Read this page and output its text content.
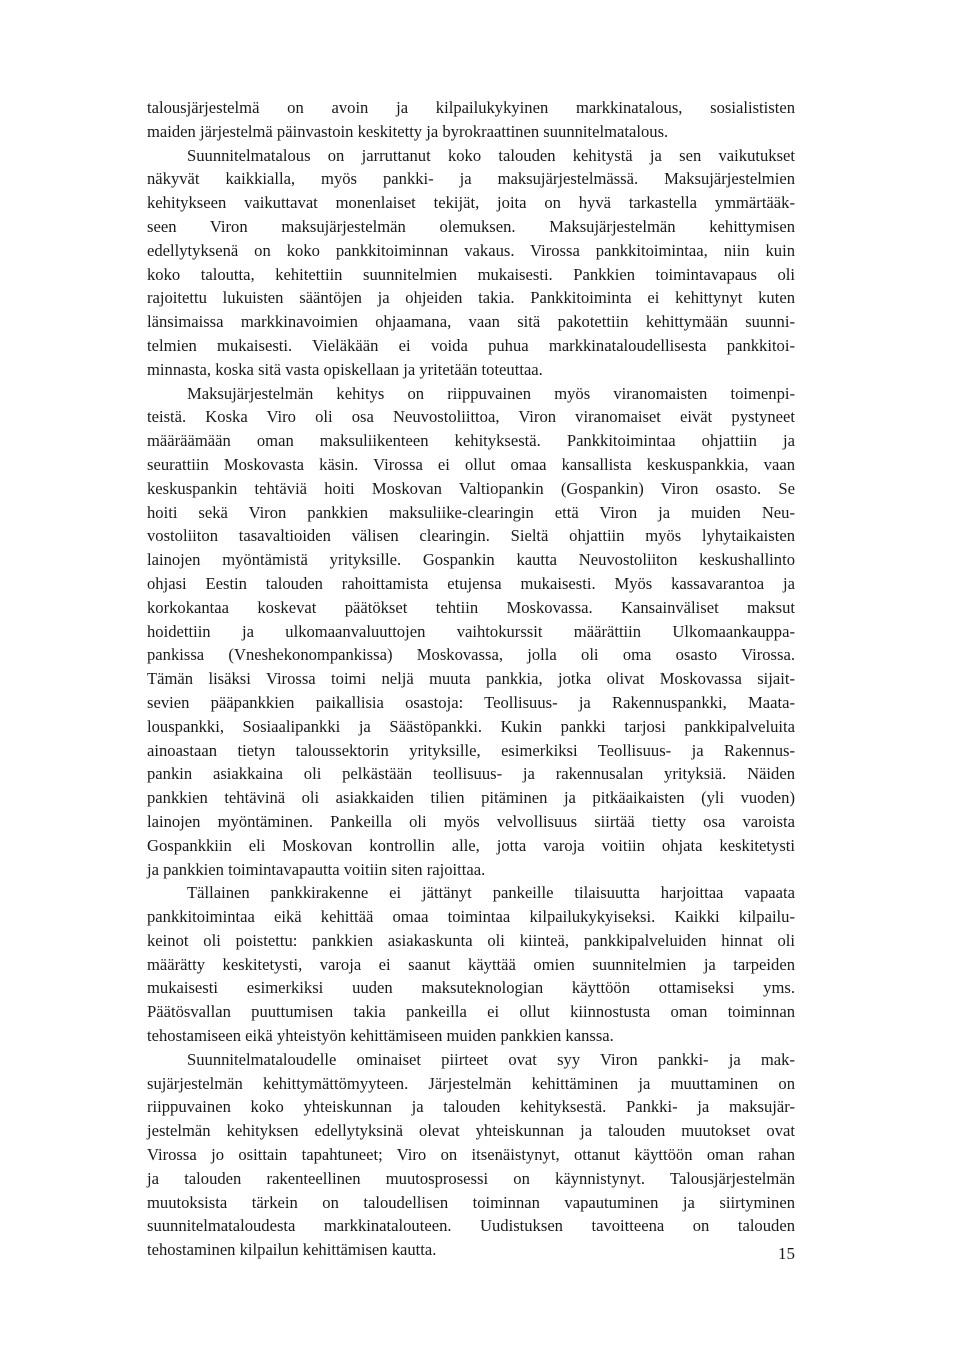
talousjärjestelmä on avoin ja kilpailukykyinen markkinatalous, sosialististen
maiden järjestelmä päinvastoin keskitetty ja byrokraattinen suunnitelmatalous.
Suunnitelmatalous on jarruttanut koko talouden kehitystä ja sen vaikutukset
näkyvät kaikkialla, myös pankki- ja maksujärjestelmässä. Maksujärjestelmien
kehitykseen vaikuttavat monenlaiset tekijät, joita on hyvä tarkastella ymmärtääk-
seen Viron maksujärjestelmän olemuksen. Maksujärjestelmän kehittymisen
edellytyksenä on koko pankkitoiminnan vakaus. Virossa pankkitoimintaa, niin kuin
koko taloutta, kehitettiin suunnitelmien mukaisesti. Pankkien toimintavapaus oli
rajoitettu lukuisten sääntöjen ja ohjeiden takia. Pankkitoiminta ei kehittynyt kuten
länsimaissa markkinavoimien ohjaamana, vaan sitä pakotettiin kehittymään suunni-
telmien mukaisesti. Vieläkään ei voida puhua markkinataloudellisesta pankkitoi-
minnasta, koska sitä vasta opiskellaan ja yritetään toteuttaa.
Maksujärjestelmän kehitys on riippuvainen myös viranomaisten toimenpi-
teistä. Koska Viro oli osa Neuvostoliittoa, Viron viranomaiset eivät pystyneet
määräämään oman maksuliikenteen kehityksestä. Pankkitoimintaa ohjattiin ja
seurattiin Moskovasta käsin. Virossa ei ollut omaa kansallista keskuspankkia, vaan
keskuspankin tehtäviä hoiti Moskovan Valtiopankin (Gospankin) Viron osasto. Se
hoiti sekä Viron pankkien maksuliike-clearingin että Viron ja muiden Neu-
vostoliiton tasavaltioiden välisen clearingin. Sieltä ohjattiin myös lyhytaikaisten
lainojen myöntämistä yrityksille. Gospankin kautta Neuvostoliiton keskushallinto
ohjasi Eestin talouden rahoittamista etujensa mukaisesti. Myös kassavarantoa ja
korkokantaa koskevat päätökset tehtiin Moskovassa. Kansainväliset maksut
hoidettiin ja ulkomaanvaluuttojen vaihtokurssit määrättiin Ulkomaankauppa-
pankissa (Vneshekonompankissa) Moskovassa, jolla oli oma osasto Virossa.
Tämän lisäksi Virossa toimi neljä muuta pankkia, jotka olivat Moskovassa sijait-
sevien pääpankkien paikallisia osastoja: Teollisuus- ja Rakennuspankki, Maata-
louspankki, Sosiaalipankki ja Säästöpankki. Kukin pankki tarjosi pankkipalveluita
ainoastaan tietyn taloussektorin yrityksille, esimerkiksi Teollisuus- ja Rakennus-
pankin asiakkaina oli pelkästään teollisuus- ja rakennusalan yrityksiä. Näiden
pankkien tehtävinä oli asiakkaiden tilien pitäminen ja pitkäaikaisten (yli vuoden)
lainojen myöntäminen. Pankeilla oli myös velvollisuus siirtää tietty osa varoista
Gospankkiin eli Moskovan kontrollin alle, jotta varoja voitiin ohjata keskitetysti
ja pankkien toimintavapautta voitiin siten rajoittaa.
Tällainen pankkirakenne ei jättänyt pankeille tilaisuutta harjoittaa vapaata
pankkitoimintaa eikä kehittää omaa toimintaa kilpailukykyiseksi. Kaikki kilpailu-
keinot oli poistettu: pankkien asiakaskunta oli kiinteä, pankkipalveluiden hinnat oli
määrätty keskitetysti, varoja ei saanut käyttää omien suunnitelmien ja tarpeiden
mukaisesti esimerkiksi uuden maksuteknologian käyttöön ottamiseksi yms.
Päätösvallan puuttumisen takia pankeilla ei ollut kiinnostusta oman toiminnan
tehostamiseen eikä yhteistyön kehittämiseen muiden pankkien kanssa.
Suunnitelmataloudelle ominaiset piirteet ovat syy Viron pankki- ja mak-
sujärjestelmän kehittymättömyyteen. Järjestelmän kehittäminen ja muuttaminen on
riippuvainen koko yhteiskunnan ja talouden kehityksestä. Pankki- ja maksujär-
jestelmän kehityksen edellytyksinä olevat yhteiskunnan ja talouden muutokset ovat
Virossa jo osittain tapahtuneet; Viro on itsenäistynyt, ottanut käyttöön oman rahan
ja talouden rakenteellinen muutosprosessi on käynnistynyt. Talousjärjestelmän
muutoksista tärkein on taloudellisen toiminnan vapautuminen ja siirtyminen
suunnitelmataloudesta markkinatalouteen. Uudistuksen tavoitteena on talouden
tehostaminen kilpailun kehittämisen kautta.	15
